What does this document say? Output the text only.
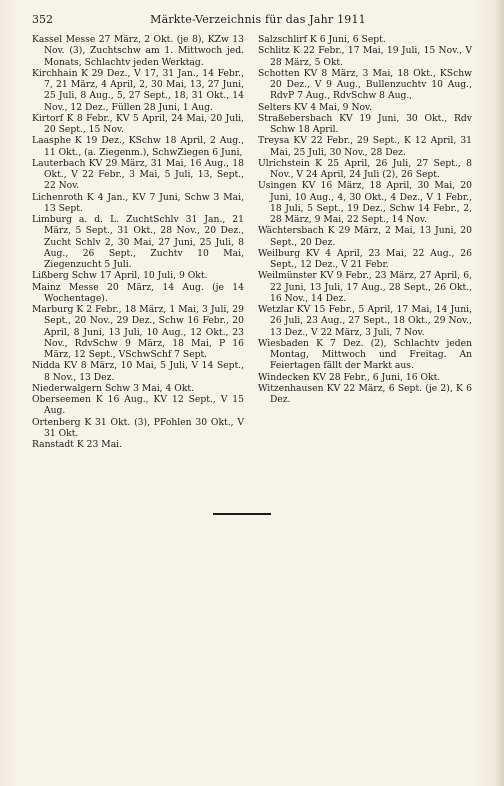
352	Märkte-Verzeichnis für das Jahr 1911

Kassel Messe 27 März, 2 Okt. (je 8), KZw 13 Nov. (3), Zuchtschw am 1. Mittwoch jed. Monats, Schlachtv jeden Werktag.

Kirchhain K 29 Dez., V 17, 31 Jan., 14 Febr., 7, 21 März, 4 April, 2, 30 Mai, 13, 27 Juni, 25 Juli, 8 Aug., 5, 27 Sept., 18, 31 Okt., 14 Nov., 12 Dez., Füllen 28 Juni, 1 Aug.

Kirtorf K 8 Febr., KV 5 April, 24 Mai, 20 Juli, 20 Sept., 15 Nov.

Laasphe K 19 Dez., KSchw 18 April, 2 Aug., 11 Okt., (a. Ziegenm.), SchwZiegen 6 Juni,

Lauterbach KV 29 März, 31 Mai, 16 Aug., 18 Okt., V 22 Febr., 3 Mai, 5 Juli, 13, Sept., 22 Nov.

Lichenroth K 4 Jan., KV 7 Juni, Schw 3 Mai, 13 Sept.

Limburg a. d. L. ZuchtSchlv 31 Jan., 21 März, 5 Sept., 31 Okt., 28 Nov., 20 Dez., Zucht Schlv 2, 30 Mai, 27 Juni, 25 Juli, 8 Aug., 26 Sept., Zuchtv 10 Mai, Ziegenzucht 5 Juli.

Lißberg Schw 17 April, 10 Juli, 9 Okt.

Mainz Messe 20 März, 14 Aug. (je 14 Wochentage).

Marburg K 2 Febr., 18 März, 1 Mai, 3 Juli, 29 Sept., 20 Nov., 29 Dez., Schw 16 Febr., 20 April, 8 Juni, 13 Juli, 10 Aug., 12 Okt., 23 Nov., RdvSchw 9 März, 18 Mai, P 16 März, 12 Sept., VSchwSchf 7 Sept.

Nidda KV 8 März, 10 Mai, 5 Juli, V 14 Sept., 8 Nov., 13 Dez.

Niederwalgern Schw 3 Mai, 4 Okt.

Oberseemen K 16 Aug., KV 12 Sept., V 15 Aug.

Ortenberg K 31 Okt. (3), PFohlen 30 Okt., V 31 Okt.

Ranstadt K 23 Mai.

Salzschlirf K 6 Juni, 6 Sept.

Schlitz K 22 Febr., 17 Mai, 19 Juli, 15 Nov., V 28 März, 5 Okt.

Schotten KV 8 März, 3 Mai, 18 Okt., KSchw 20 Dez., V 9 Aug., Bullenzuchtv 10 Aug., RdvP 7 Aug., RdvSchw 8 Aug.,

Selters KV 4 Mai, 9 Nov.

Straßebersbach KV 19 Juni, 30 Okt., Rdv Schw 18 April.

Treysa KV 22 Febr., 29 Sept., K 12 April, 31 Mai, 25 Juli, 30 Nov., 28 Dez.

Ulrichstein K 25 April, 26 Juli, 27 Sept., 8 Nov., V 24 April, 24 Juli (2), 26 Sept.

Usingen KV 16 März, 18 April, 30 Mai, 20 Juni, 10 Aug., 4, 30 Okt., 4 Dez., V 1 Febr., 18 Juli, 5 Sept., 19 Dez., Schw 14 Febr., 2, 28 März, 9 Mai, 22 Sept., 14 Nov.

Wächtersbach K 29 März, 2 Mai, 13 Juni, 20 Sept., 20 Dez.

Weilburg KV 4 April, 23 Mai, 22 Aug., 26 Sept., 12 Dez., V 21 Febr.

Weilmünster KV 9 Febr., 23 März, 27 April, 6, 22 Juni, 13 Juli, 17 Aug., 28 Sept., 26 Okt., 16 Nov., 14 Dez.

Wetzlar KV 15 Febr., 5 April, 17 Mai, 14 Juni, 26 Juli, 23 Aug., 27 Sept., 18 Okt., 29 Nov., 13 Dez., V 22 März, 3 Juli, 7 Nov.

Wiesbaden K 7 Dez. (2), Schlachtv jeden Montag, Mittwoch und Freitag. An Feiertagen fällt der Markt aus.

Windecken KV 28 Febr., 6 Juni, 16 Okt.

Witzenhausen KV 22 März, 6 Sept. (je 2), K 6 Dez.
